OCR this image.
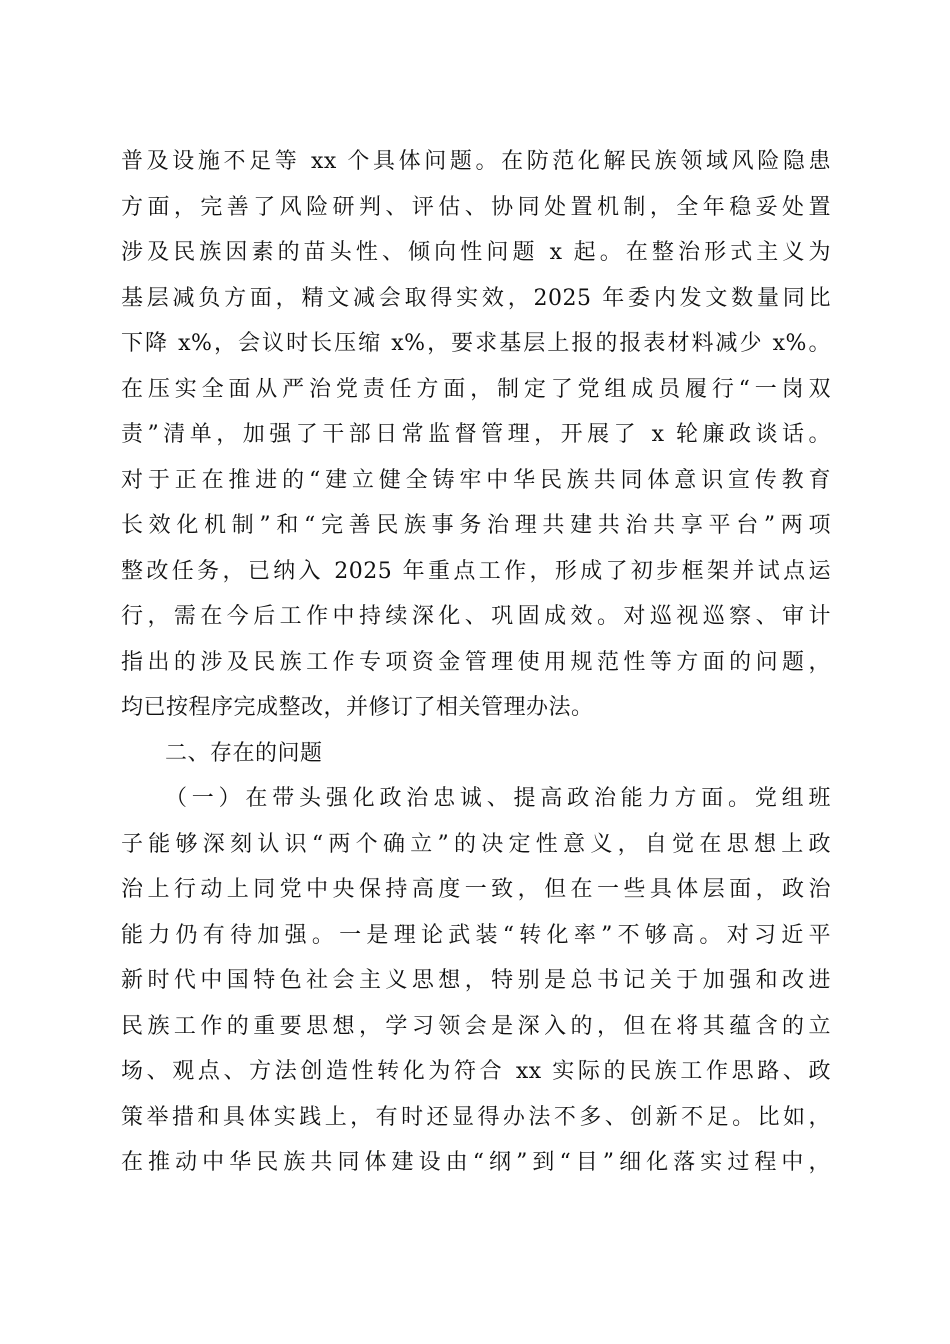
普及设施不足等 xx 个具体问题。在防范化解民族领域风险隐患
方面，完善了风险研判、评估、协同处置机制，全年稳妥处置
涉及民族因素的苗头性、倾向性问题 x 起。在整治形式主义为
基层减负方面，精文减会取得实效，2025 年委内发文数量同比
下降 x%，会议时长压缩 x%，要求基层上报的报表材料减少 x%。
在压实全面从严治党责任方面，制定了党组成员履行“一岗双
责”清单，加强了干部日常监督管理，开展了 x 轮廉政谈话。
对于正在推进的“建立健全铸牢中华民族共同体意识宣传教育
长效化机制”和“完善民族事务治理共建共治共享平台”两项
整改任务，已纳入 2025 年重点工作，形成了初步框架并试点运
行，需在今后工作中持续深化、巩固成效。对巡视巡察、审计
指出的涉及民族工作专项资金管理使用规范性等方面的问题，
均已按程序完成整改，并修订了相关管理办法。
二、存在的问题
（一）在带头强化政治忠诚、提高政治能力方面。党组班
子能够深刻认识“两个确立”的决定性意义，自觉在思想上政
治上行动上同党中央保持高度一致，但在一些具体层面，政治
能力仍有待加强。一是理论武装“转化率”不够高。对习近平
新时代中国特色社会主义思想，特别是总书记关于加强和改进
民族工作的重要思想，学习领会是深入的，但在将其蕴含的立
场、观点、方法创造性转化为符合 xx 实际的民族工作思路、政
策举措和具体实践上，有时还显得办法不多、创新不足。比如，
在推动中华民族共同体建设由“纲”到“目”细化落实过程中，
